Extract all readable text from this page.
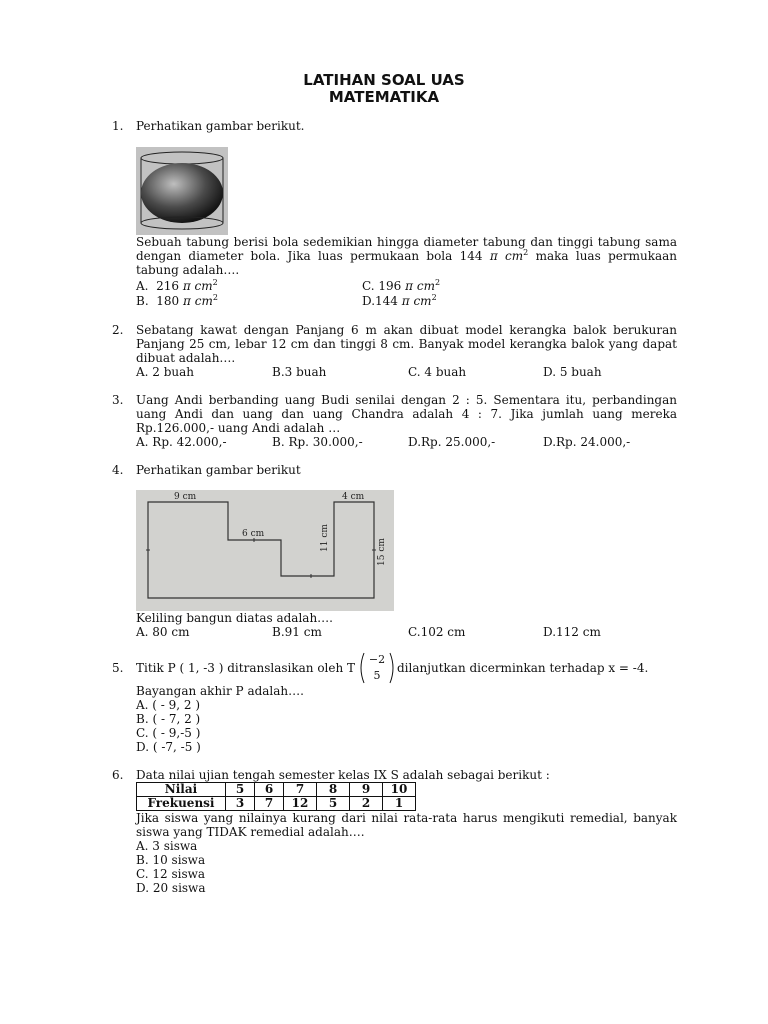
LATIHAN SOAL UAS
MATEMATIKA
1. Perhatikan gambar berikut.
Sebuah tabung berisi bola sedemikian hingga diameter tabung dan tinggi tabung sama dengan diameter bola. Jika luas permukaan bola 144 π $cm^2$ maka luas permukaan tabung adalah….
A. 216 π $cm^2$	C. 196 π $cm^2$
B. 180 π $cm^2$	D.144 π $cm^2$
2. Sebatang kawat dengan Panjang 6 m akan dibuat model kerangka balok berukuran Panjang 25 cm, lebar 12 cm dan tinggi 8 cm. Banyak model kerangka balok yang dapat dibuat adalah….
A. 2 buah	B.3 buah	C. 4 buah	D. 5 buah
3. Uang Andi berbanding uang Budi senilai dengan 2 : 5. Sementara itu, perbandingan uang Andi dan uang dan uang Chandra adalah 4 : 7. Jika jumlah uang mereka Rp.126.000,- uang Andi adalah …
A. Rp. 42.000,-	B. Rp. 30.000,-	D.Rp. 25.000,-	D.Rp. 24.000,-
4. Perhatikan gambar berikut
9 cm	4 cm
6 cm	11 cm
15 cm
Keliling bangun diatas adalah….
A. 80 cm	B.91 cm	C.102 cm	D.112 cm
5. Titik P ( 1, -3 ) ditranslasikan oleh T
−2
5
dilanjutkan dicerminkan terhadap x = -4.
Bayangan akhir P adalah….
A. ( - 9, 2 )
B. ( - 7, 2 )
C. ( - 9,-5 )
D. ( -7, -5 )
6. Data nilai ujian tengah semester kelas IX S adalah sebagai berikut :
Nilai	5	6	7	8	9	10
Frekuensi	3	7	12	5	2	1
Jika siswa yang nilainya kurang dari nilai rata-rata harus mengikuti remedial, banyak siswa yang TIDAK remedial adalah….
A. 3 siswa
B. 10 siswa
C. 12 siswa
D. 20 siswa
